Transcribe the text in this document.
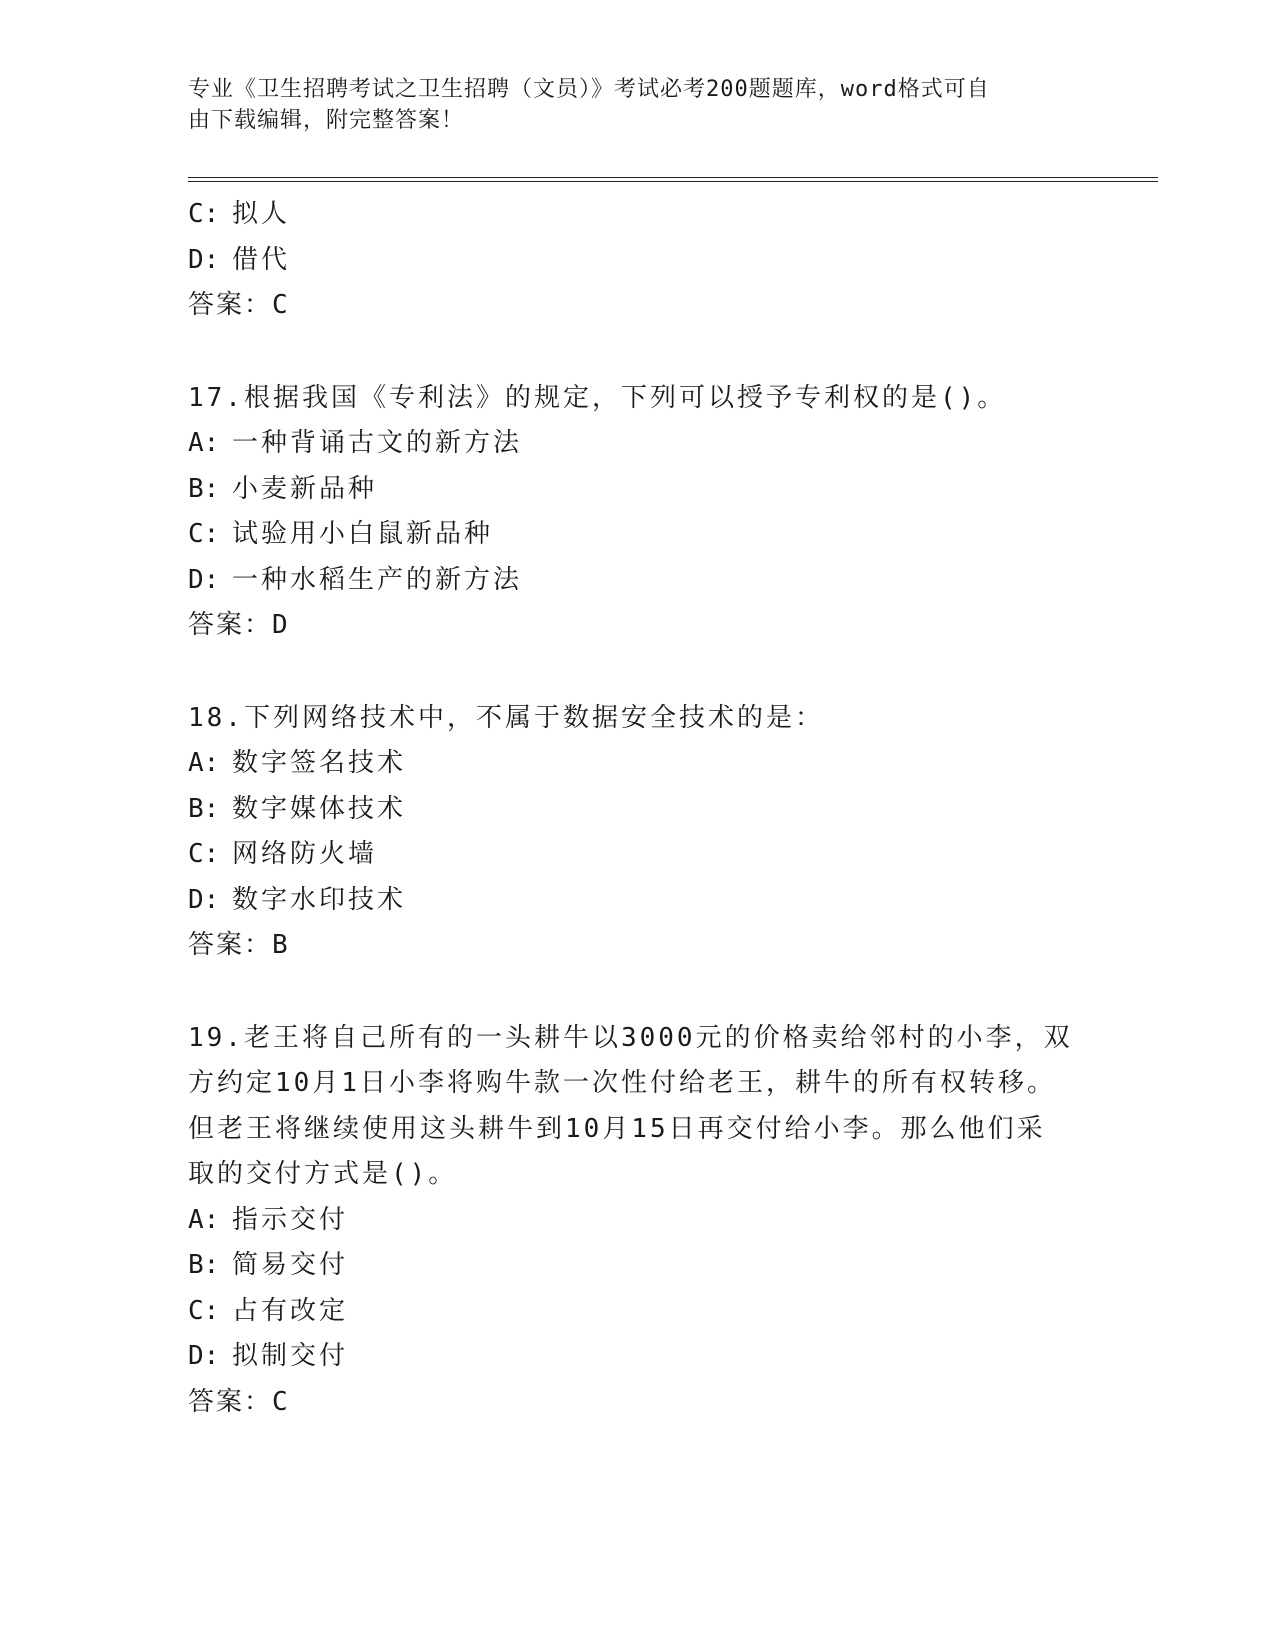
专业《卫生招聘考试之卫生招聘（文员）》考试必考200题题库，word格式可自
由下载编辑，附完整答案！
C: 拟人
D: 借代
答案：C
17.根据我国《专利法》的规定，下列可以授予专利权的是()。
A: 一种背诵古文的新方法
B: 小麦新品种
C: 试验用小白鼠新品种
D: 一种水稻生产的新方法
答案：D
18.下列网络技术中，不属于数据安全技术的是：
A: 数字签名技术
B: 数字媒体技术
C: 网络防火墙
D: 数字水印技术
答案：B
19.老王将自己所有的一头耕牛以3000元的价格卖给邻村的小李，双
方约定10月1日小李将购牛款一次性付给老王，耕牛的所有权转移。
但老王将继续使用这头耕牛到10月15日再交付给小李。那么他们采
取的交付方式是()。
A: 指示交付
B: 简易交付
C: 占有改定
D: 拟制交付
答案：C
